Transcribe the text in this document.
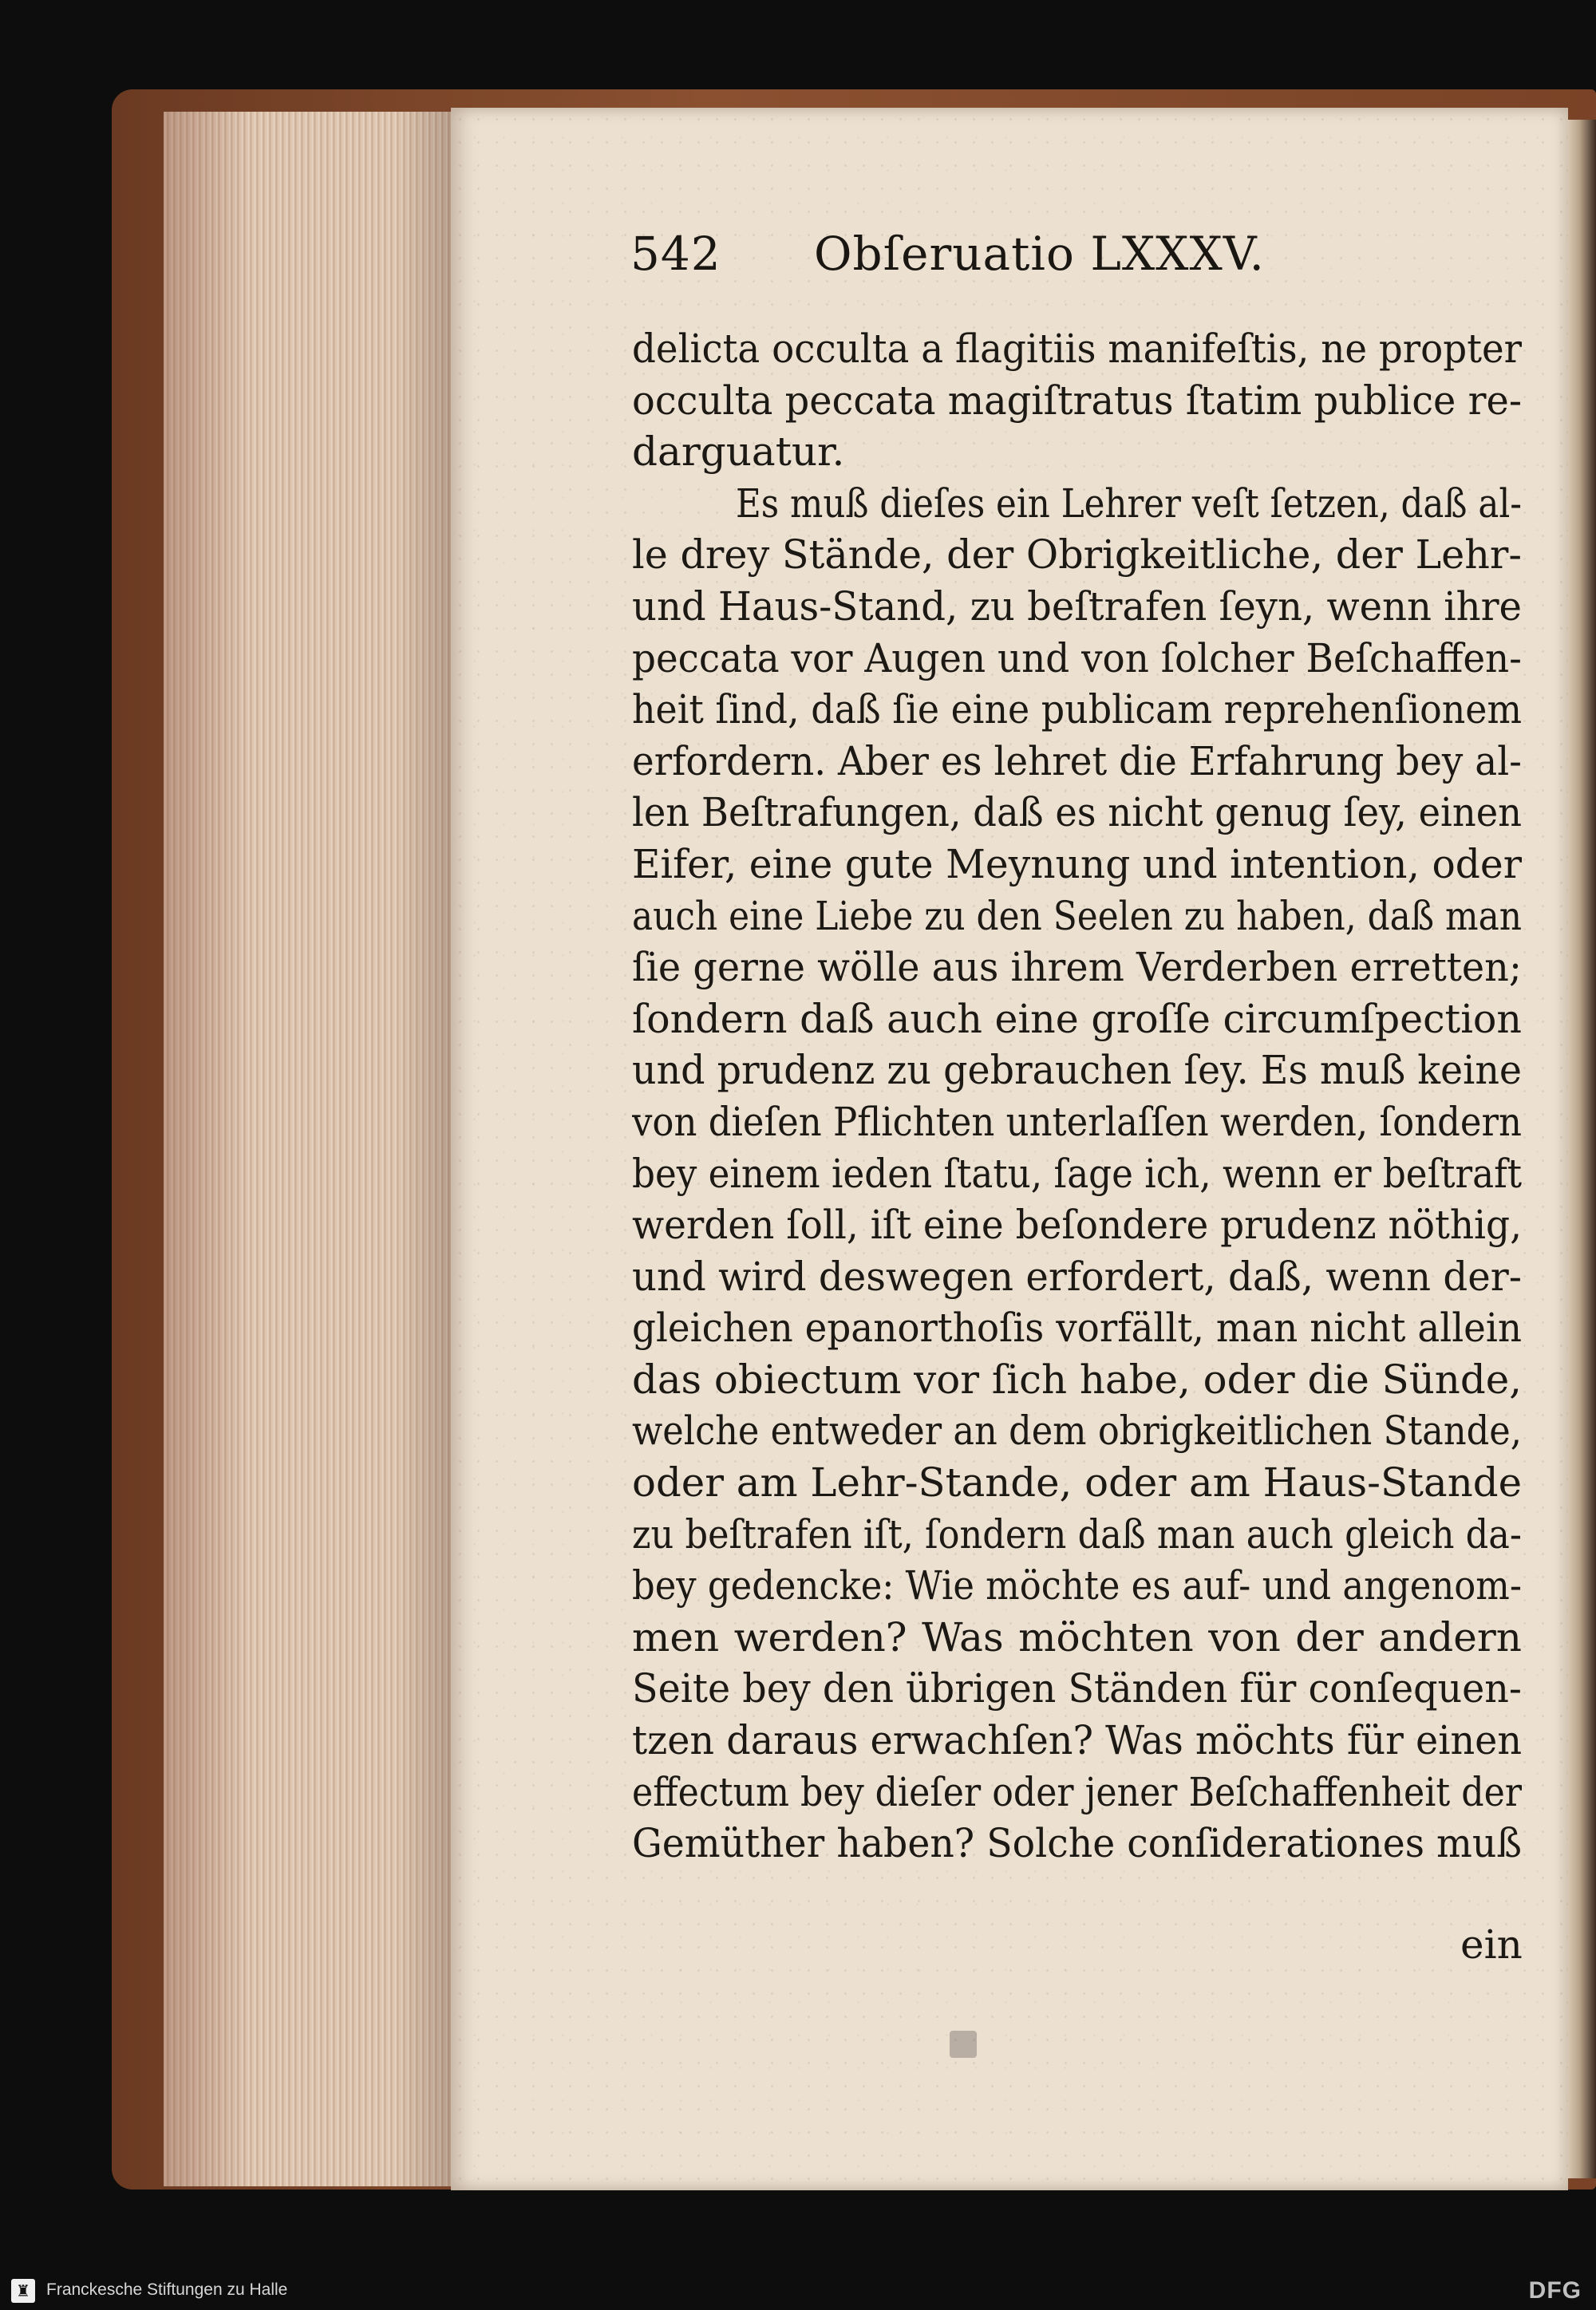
542 Obſeruatio LXXXV.
delicta occulta a flagitiis manifeſtis, ne propter
occulta peccata magiſtratus ſtatim publice re-
darguatur.
Es muß dieſes ein Lehrer veſt ſetzen, daß al-
le drey Stände, der Obrigkeitliche, der Lehr-
und Haus-Stand, zu beſtrafen ſeyn, wenn ihre
peccata vor Augen und von ſolcher Beſchaffen-
heit ſind, daß ſie eine publicam reprehenſionem
erfordern. Aber es lehret die Erfahrung bey al-
len Beſtrafungen, daß es nicht genug ſey, einen
Eifer, eine gute Meynung und intention, oder
auch eine Liebe zu den Seelen zu haben, daß man
ſie gerne wölle aus ihrem Verderben erretten;
ſondern daß auch eine groſſe circumſpection
und prudenz zu gebrauchen ſey. Es muß keine
von dieſen Pflichten unterlaſſen werden, ſondern
bey einem ieden ſtatu, ſage ich, wenn er beſtraft
werden ſoll, iſt eine beſondere prudenz nöthig,
und wird deswegen erfordert, daß, wenn der-
gleichen epanorthoſis vorfällt, man nicht allein
das obiectum vor ſich habe, oder die Sünde,
welche entweder an dem obrigkeitlichen Stande,
oder am Lehr-Stande, oder am Haus-Stande
zu beſtrafen iſt, ſondern daß man auch gleich da-
bey gedencke: Wie möchte es auf- und angenom-
men werden? Was möchten von der andern
Seite bey den übrigen Ständen für conſequen-
tzen daraus erwachſen? Was möchts für einen
effectum bey dieſer oder jener Beſchaffenheit der
Gemüther haben? Solche conſiderationes muß
ein
♜ Franckesche Stiftungen zu Halle	DFG
